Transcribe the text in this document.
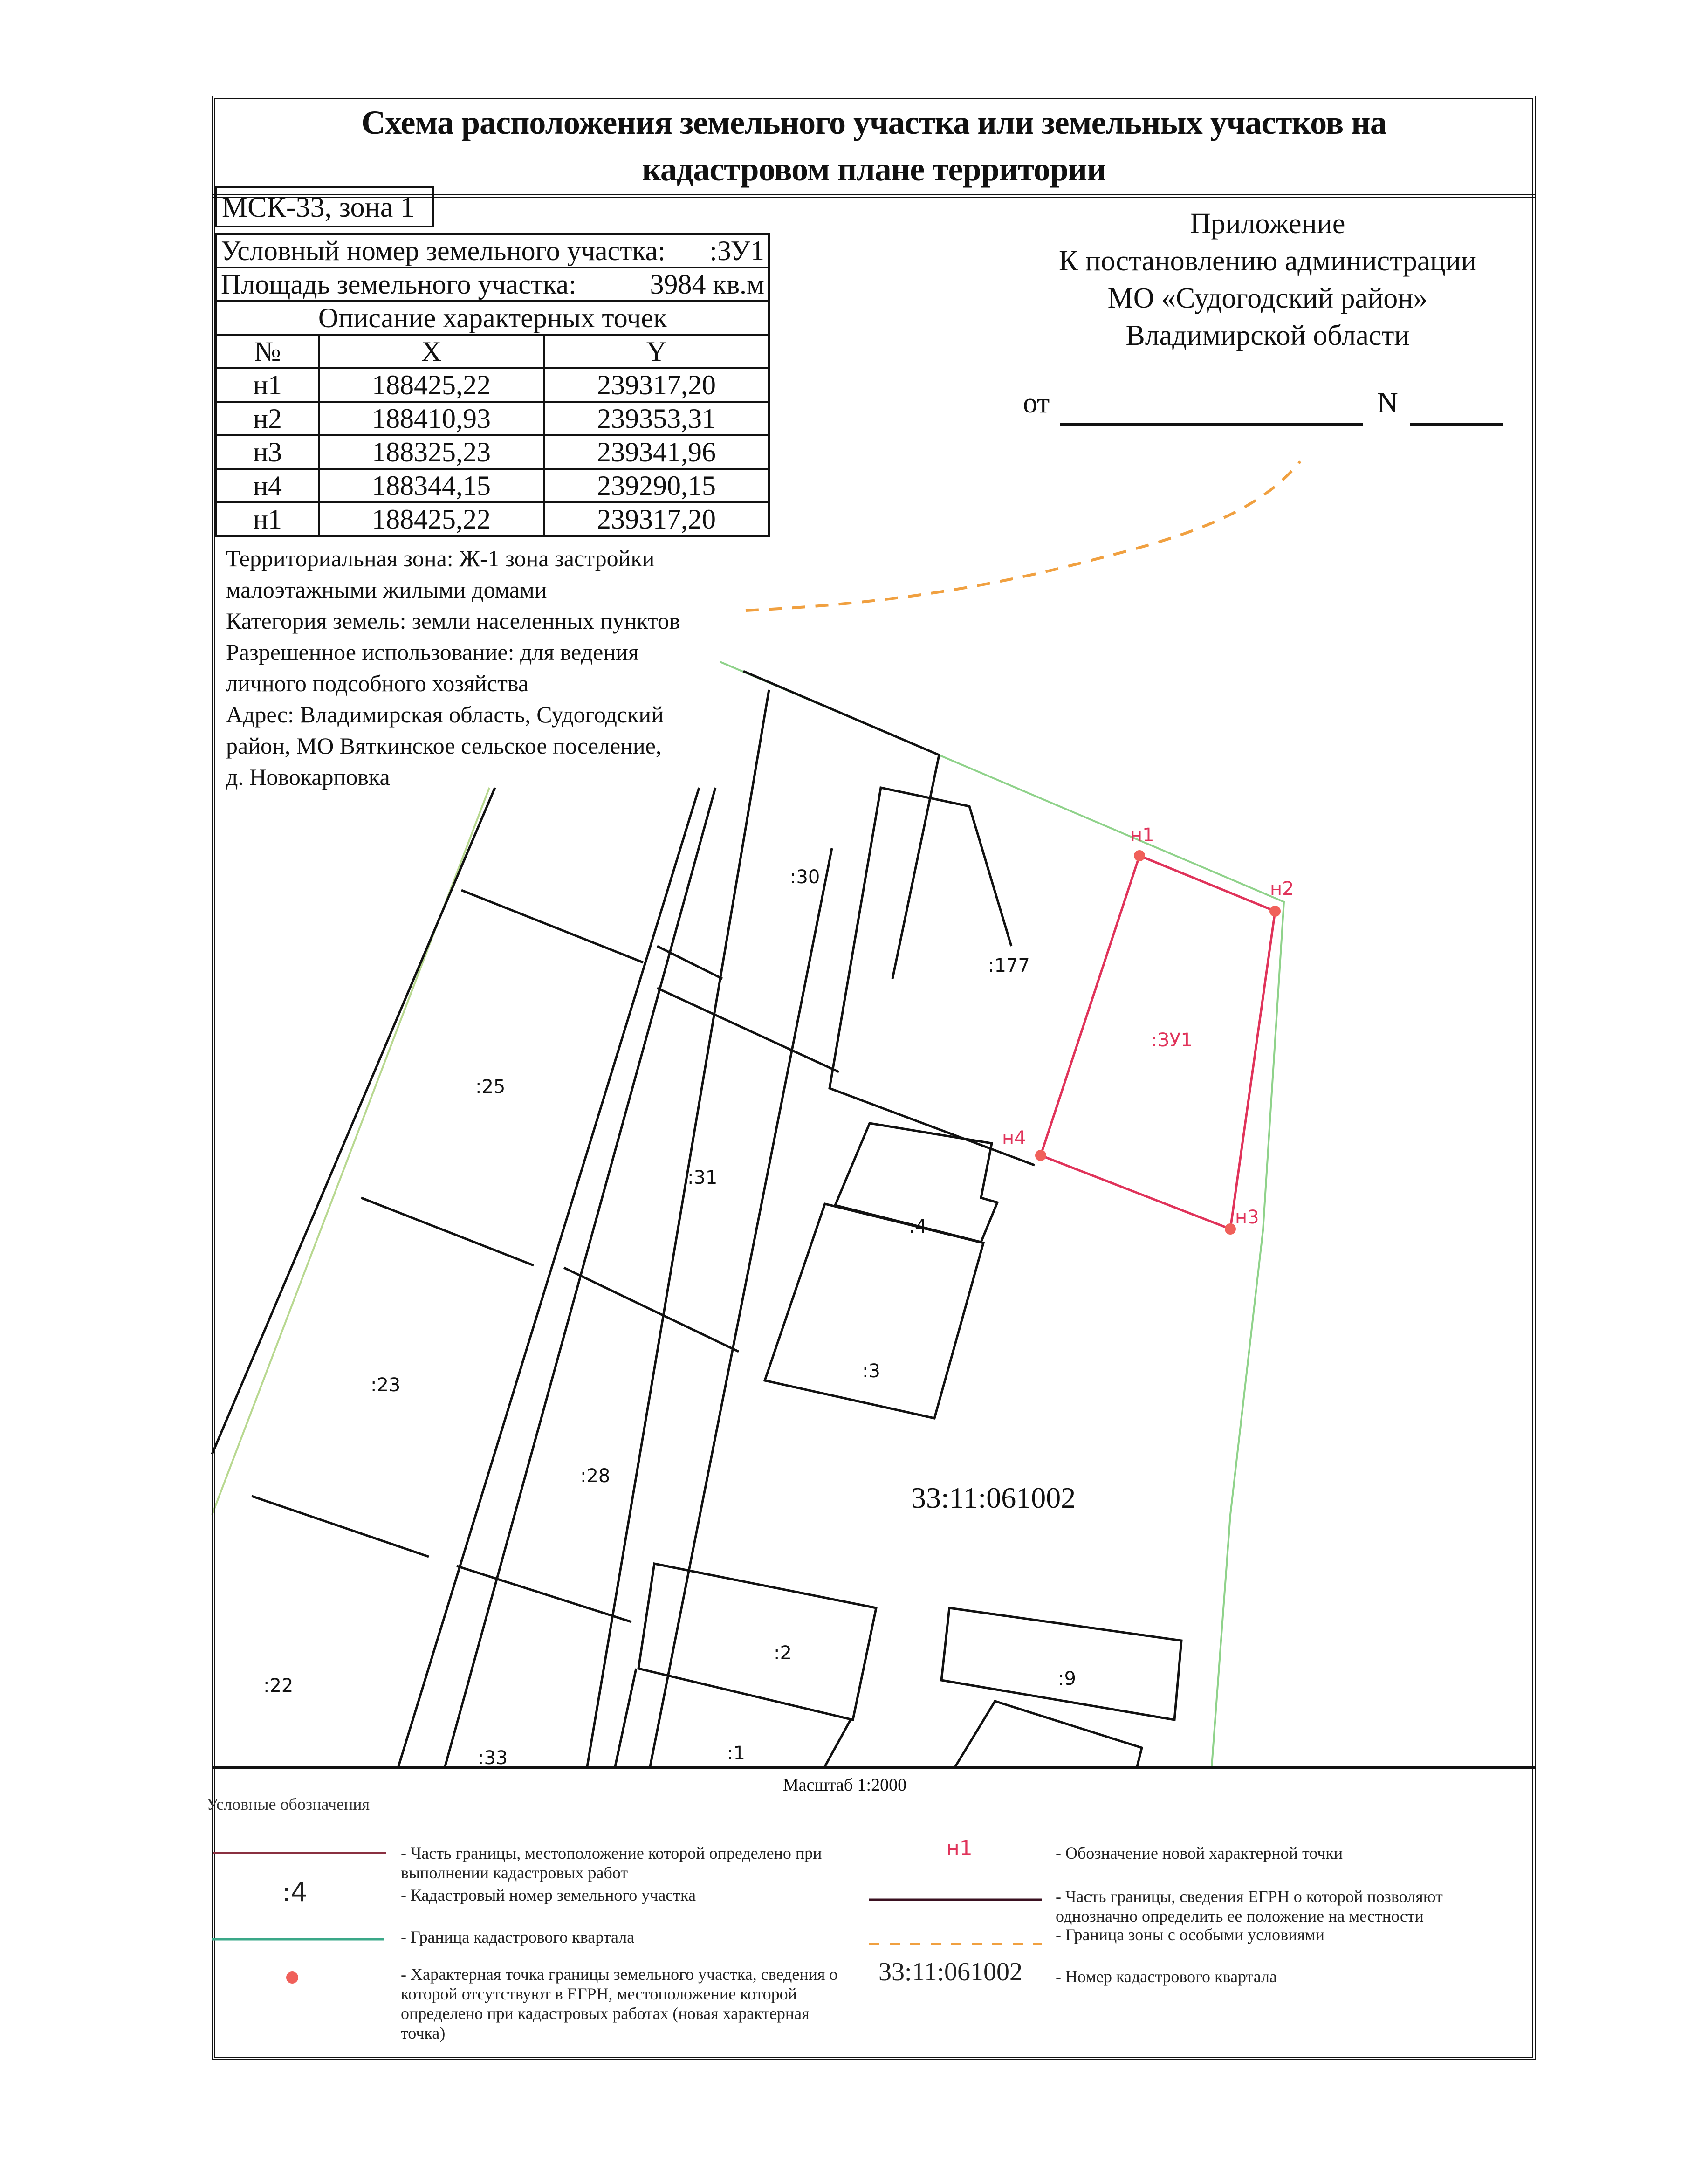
:30
:177
:25
:31
:4
:3
:23
:28
:22
:2
:9
:33	:1
:ЗУ1
н1
н2
н3
н4
33:11:061002
Схема расположения земельного участка или земельных участков на
кадастровом плане территории
МСК-33, зона 1
Условный номер земельного участка: :ЗУ1		

Площадь земельного участка: 3984 кв.м		

Описание характерных точек		
№	X	Y
н1	188425,22	239317,20
н2	188410,93	239353,31
н3	188325,23	239341,96
н4	188344,15	239290,15
н1	188425,22	239317,20
Территориальная зона: Ж-1 зона застройки
малоэтажными жилыми домами
Категория земель: земли населенных пунктов
Разрешенное использование: для ведения
личного подсобного хозяйства
Адрес: Владимирская область, Судогодский
район, МО Вяткинское сельское поселение,
д. Новокарповка
Приложение
К постановлению администрации
МО «Судогодский район»
Владимирской области
от	N
Масштаб 1:2000
Условные обозначения
- Часть границы, местоположение которой определено при выполнении кадастровых работ
:4	- Кадастровый номер земельного участка
- Граница кадастрового квартала
- Характерная точка границы земельного участка, сведения о которой отсутствуют в ЕГРН, местоположение которой определено при кадастровых работах (новая характерная точка)
н1	- Обозначение новой характерной точки
- Часть границы, сведения ЕГРН о которой позволяют однозначно определить ее положение на местности
- Граница зоны с особыми условиями
33:11:061002 - Номер кадастрового квартала
